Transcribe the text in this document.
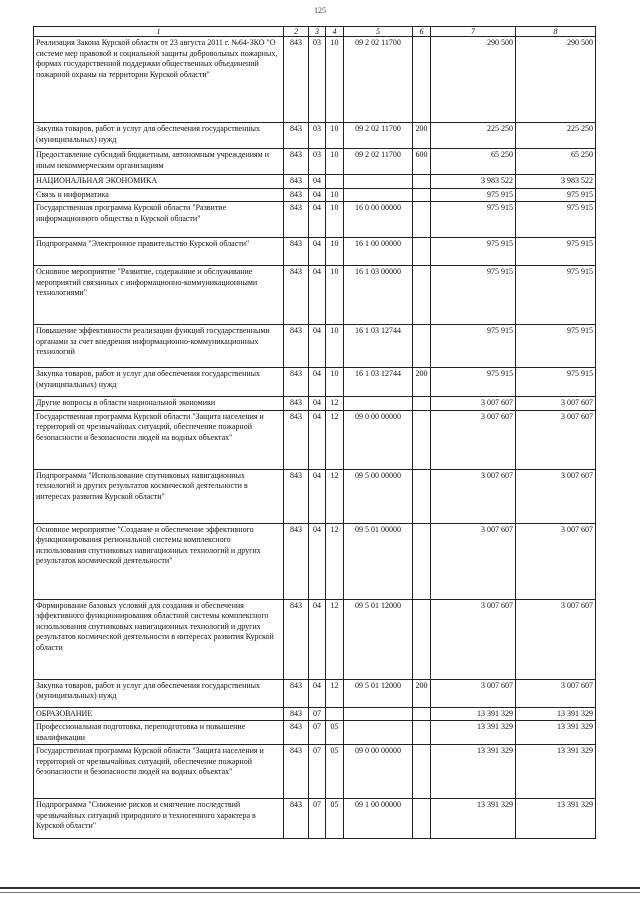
125
1	2	3	4	5	6	7	8
Реализация Закона Курской области от 23 августа 2011 г. №64-ЗКО "О системе мер правовой и социальной защиты добровольных пожарных, формах государственной поддержки общественных объединений пожарной охраны на территории Курской области"	843	03	10	09 2 02 11700		290 500	290 500
Закупка товаров, работ и услуг для обеспечения государственных (муниципальных) нужд	843	03	10	09 2 02 11700	200	225 250	225 250
Предоставление субсидий бюджетным, автономным учреждениям и иным некоммерческим организациям	843	03	10	09 2 02 11700	600	65 250	65 250
НАЦИОНАЛЬНАЯ ЭКОНОМИКА	843	04				3 983 522	3 983 522
Связь и информатика	843	04	10			975 915	975 915
Государственная программа Курской области "Развитие информационного общества в Курской области"	843	04	10	16 0 00 00000		975 915	975 915
Подпрограмма "Электронное правительство Курской области"	843	04	10	16 1 00 00000		975 915	975 915
Основное мероприятие "Развитие, содержание и обслуживание мероприятий связанных с информационно-коммуникационными технологиями"	843	04	10	16 1 03 00000		975 915	975 915
Повышение эффективности реализации функций государственными органами за счет внедрения информационно-коммуникационных технологий	843	04	10	16 1 03 12744		975 915	975 915
Закупка товаров, работ и услуг для обеспечения государственных (муниципальных) нужд	843	04	10	16 1 03 12744	200	975 915	975 915
Другие вопросы в области национальной экономики	843	04	12			3 007 607	3 007 607
Государственная программа Курской области "Защита населения и территорий от чрезвычайных ситуаций, обеспечение пожарной безопасности и безопасности людей на водных объектах"	843	04	12	09 0 00 00000		3 007 607	3 007 607
Подпрограмма "Использование спутниковых навигационных технологий и других результатов космической деятельности в интересах развития Курской области"	843	04	12	09 5 00 00000		3 007 607	3 007 607
Основное мероприятие "Создание и обеспечение эффективного функционирования региональной системы комплексного использования спутниковых навигационных технологий и других результатов космической деятельности"	843	04	12	09 5 01 00000		3 007 607	3 007 607
Формирование базовых условий для создания и обеспечения эффективного функционирования областной системы комплексного использования спутниковых навигационных технологий и других результатов космической деятельности в интересах развития Курской области	843	04	12	09 5 01 12000		3 007 607	3 007 607
Закупка товаров, работ и услуг для обеспечения государственных (муниципальных) нужд	843	04	12	09 5 01 12000	200	3 007 607	3 007 607
ОБРАЗОВАНИЕ	843	07				13 391 329	13 391 329
Профессиональная подготовка, переподготовка и повышение квалификации	843	07	05			13 391 329	13 391 329
Государственная программа Курской области "Защита населения и территорий от чрезвычайных ситуаций, обеспечение пожарной безопасности и безопасности людей на водных объектах"	843	07	05	09 0 00 00000		13 391 329	13 391 329
Подпрограмма "Снижение рисков и смягчение последствий чрезвычайных ситуаций природного и техногенного характера в Курской области"	843	07	05	09 1 00 00000		13 391 329	13 391 329
